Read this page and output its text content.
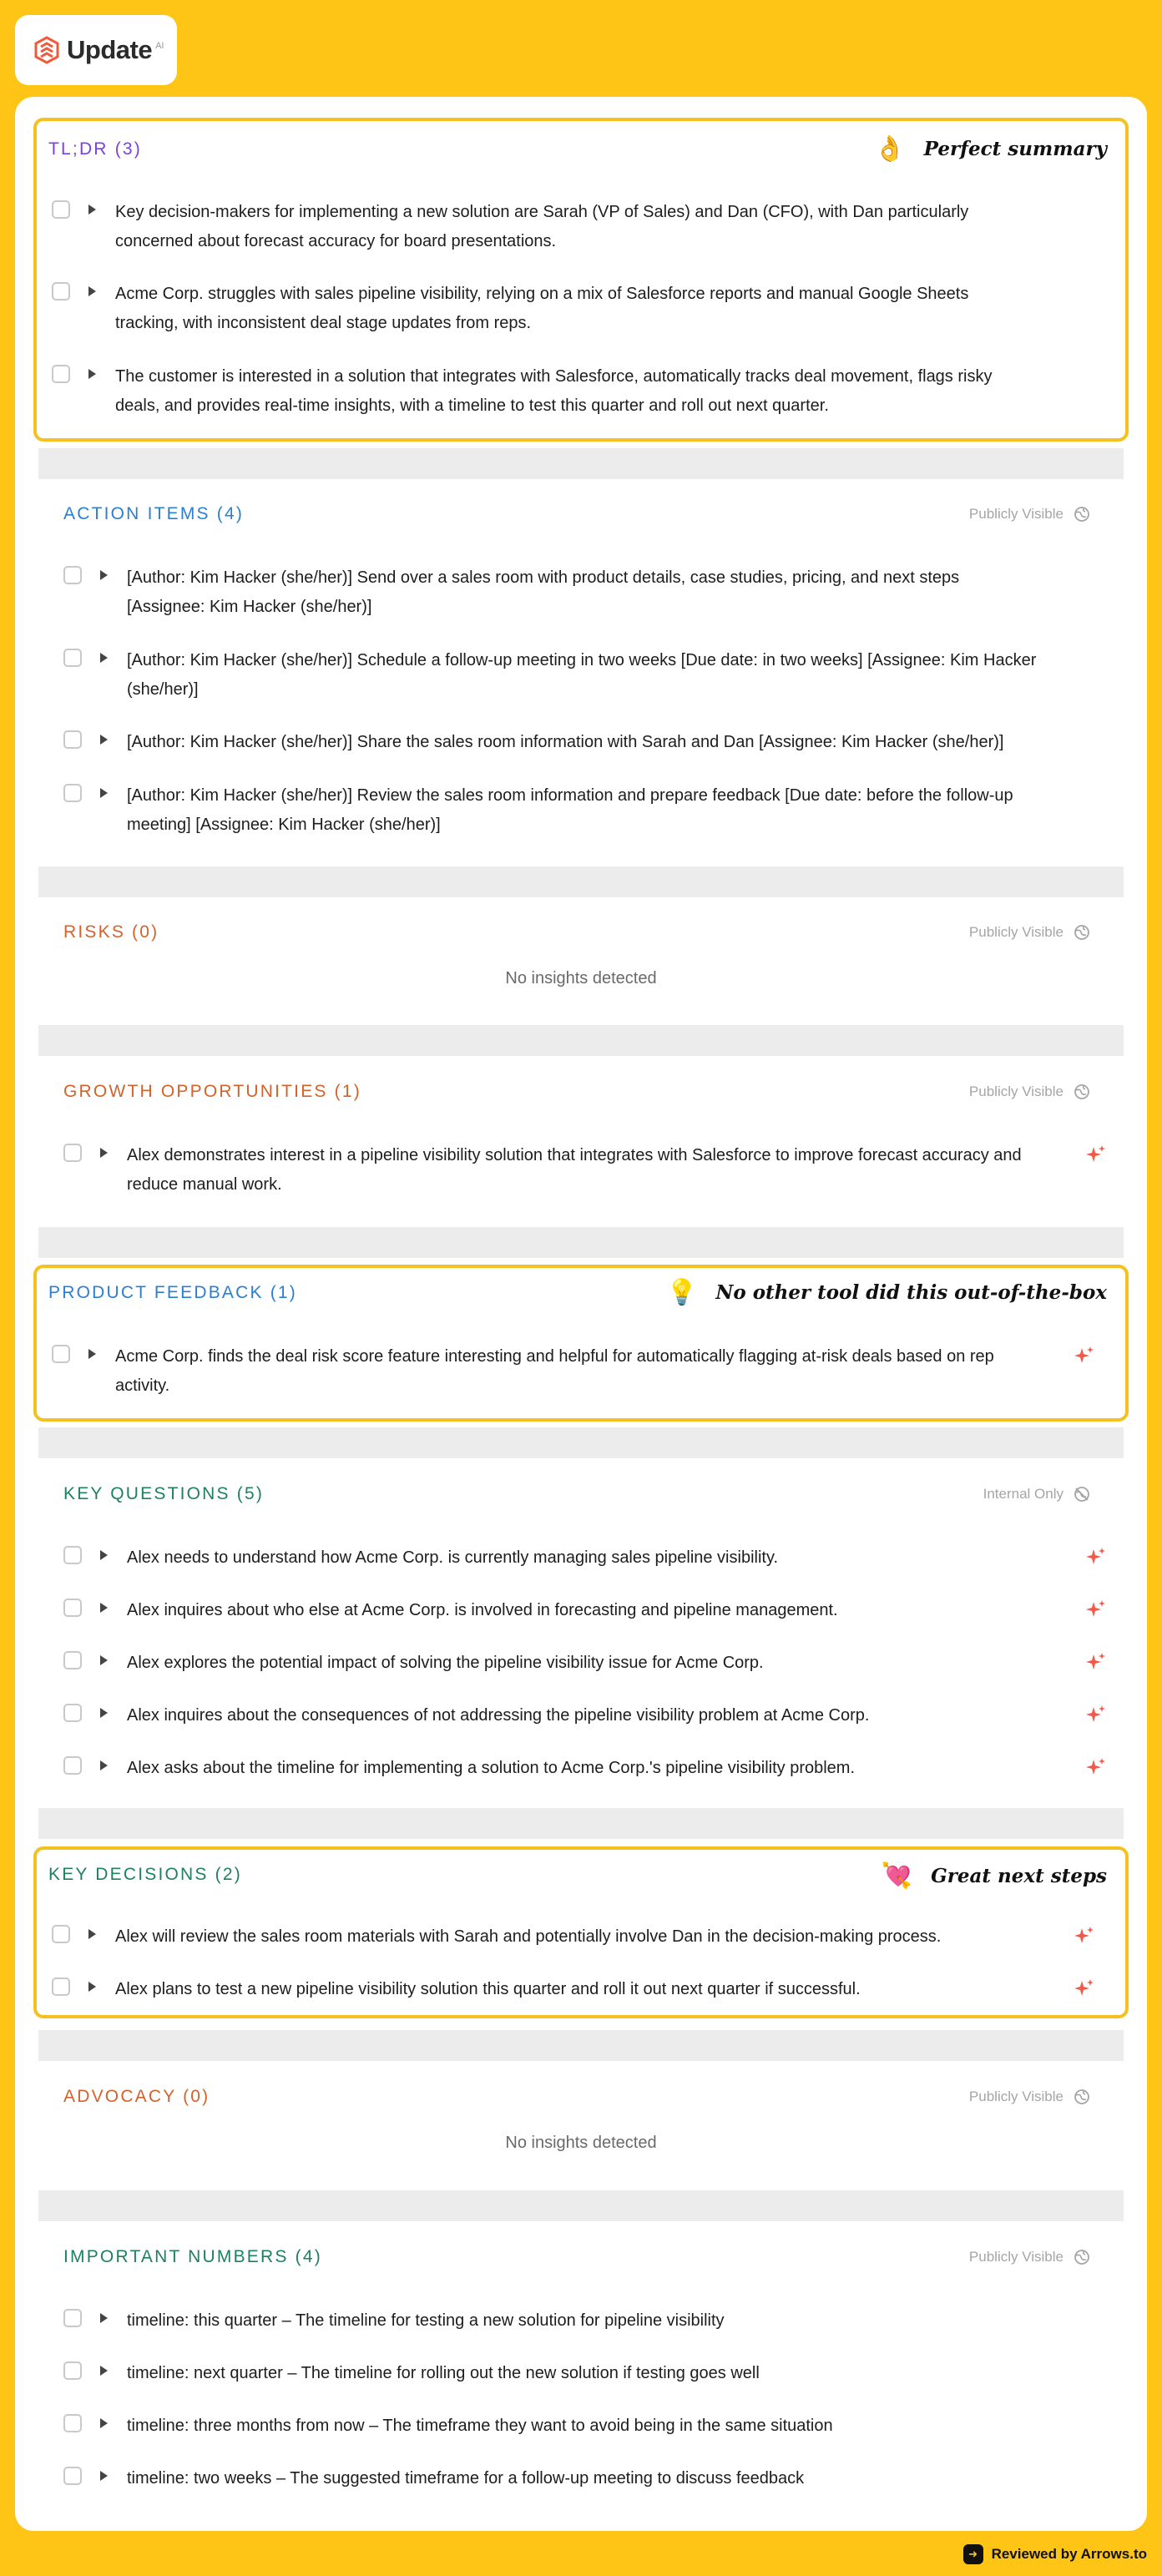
Update AI
TL;DR (3)	👌 Perfect summary
Key decision-makers for implementing a new solution are Sarah (VP of Sales) and Dan (CFO), with Dan particularly concerned about forecast accuracy for board presentations.
Acme Corp. struggles with sales pipeline visibility, relying on a mix of Salesforce reports and manual Google Sheets tracking, with inconsistent deal stage updates from reps.
The customer is interested in a solution that integrates with Salesforce, automatically tracks deal movement, flags risky deals, and provides real-time insights, with a timeline to test this quarter and roll out next quarter.
ACTION ITEMS (4)	Publicly Visible
[Author: Kim Hacker (she/her)] Send over a sales room with product details, case studies, pricing, and next steps [Assignee: Kim Hacker (she/her)]
[Author: Kim Hacker (she/her)] Schedule a follow-up meeting in two weeks [Due date: in two weeks] [Assignee: Kim Hacker (she/her)]
[Author: Kim Hacker (she/her)] Share the sales room information with Sarah and Dan [Assignee: Kim Hacker (she/her)]
[Author: Kim Hacker (she/her)] Review the sales room information and prepare feedback [Due date: before the follow-up meeting] [Assignee: Kim Hacker (she/her)]
RISKS (0)	Publicly Visible
No insights detected
GROWTH OPPORTUNITIES (1)	Publicly Visible
Alex demonstrates interest in a pipeline visibility solution that integrates with Salesforce to improve forecast accuracy and reduce manual work.
PRODUCT FEEDBACK (1)	💡 No other tool did this out-of-the-box
Acme Corp. finds the deal risk score feature interesting and helpful for automatically flagging at-risk deals based on rep activity.
KEY QUESTIONS (5)	Internal Only
Alex needs to understand how Acme Corp. is currently managing sales pipeline visibility.
Alex inquires about who else at Acme Corp. is involved in forecasting and pipeline management.
Alex explores the potential impact of solving the pipeline visibility issue for Acme Corp.
Alex inquires about the consequences of not addressing the pipeline visibility problem at Acme Corp.
Alex asks about the timeline for implementing a solution to Acme Corp.'s pipeline visibility problem.
KEY DECISIONS (2)	💘 Great next steps
Alex will review the sales room materials with Sarah and potentially involve Dan in the decision-making process.
Alex plans to test a new pipeline visibility solution this quarter and roll it out next quarter if successful.
ADVOCACY (0)	Publicly Visible
No insights detected
IMPORTANT NUMBERS (4)	Publicly Visible
timeline: this quarter – The timeline for testing a new solution for pipeline visibility
timeline: next quarter – The timeline for rolling out the new solution if testing goes well
timeline: three months from now – The timeframe they want to avoid being in the same situation
timeline: two weeks – The suggested timeframe for a follow-up meeting to discuss feedback
➜ Reviewed by Arrows.to
